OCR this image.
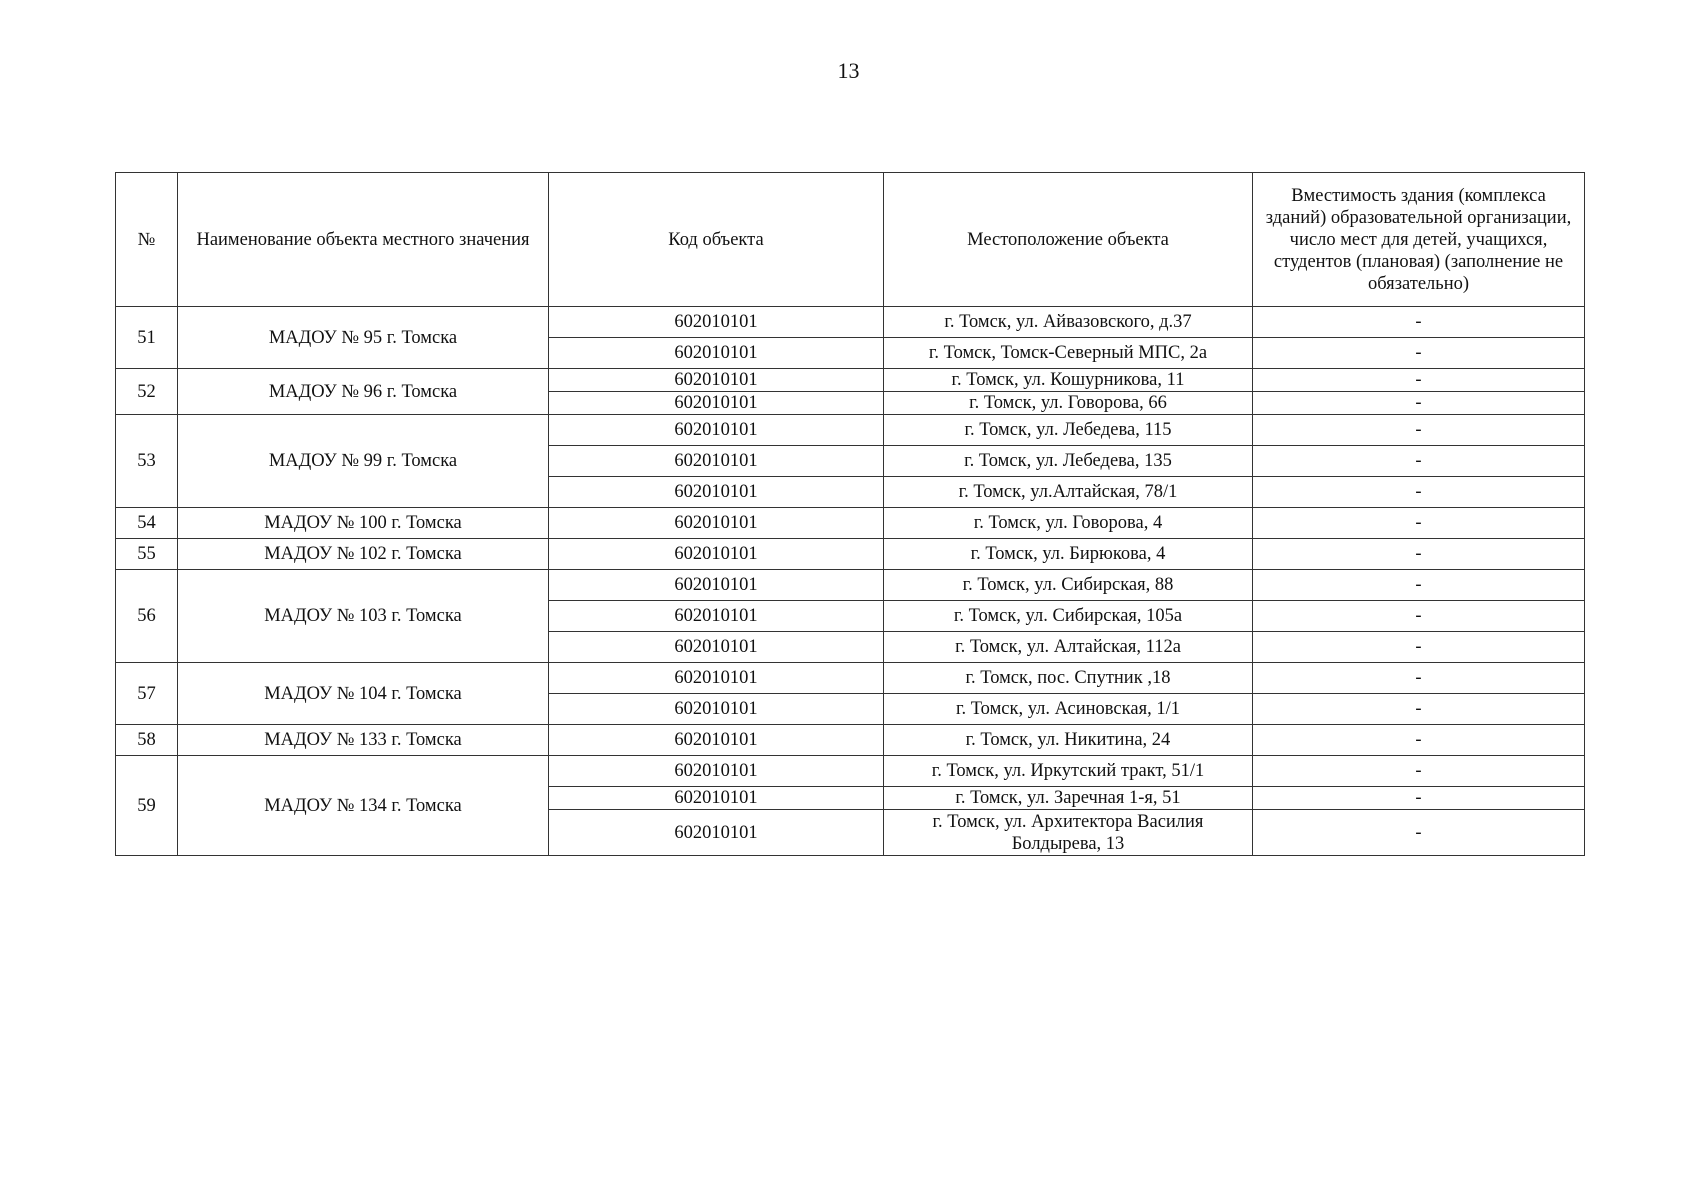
13
№	Наименование объекта местного значения	Код объекта	Местоположение объекта	Вместимость здания (комплекса зданий) образовательной организации, число мест для детей, учащихся, студентов (плановая) (заполнение не обязательно)
51	МАДОУ № 95 г. Томска	602010101	г. Томск, ул. Айвазовского, д.37	-
		602010101	г. Томск, Томск-Северный МПС, 2а	-
52	МАДОУ № 96 г. Томска	602010101	г. Томск, ул. Кошурникова, 11	-
		602010101	г. Томск, ул. Говорова, 66	-
53	МАДОУ № 99 г. Томска	602010101	г. Томск, ул. Лебедева, 115	-
		602010101	г. Томск, ул. Лебедева, 135	-
		602010101	г. Томск, ул.Алтайская, 78/1	-
54	МАДОУ № 100 г. Томска	602010101	г. Томск, ул. Говорова, 4	-
55	МАДОУ № 102 г. Томска	602010101	г. Томск, ул. Бирюкова, 4	-
56	МАДОУ № 103 г. Томска	602010101	г. Томск, ул. Сибирская, 88	-
		602010101	г. Томск, ул. Сибирская, 105а	-
		602010101	г. Томск, ул. Алтайская, 112а	-
57	МАДОУ № 104 г. Томска	602010101	г. Томск, пос. Спутник ,18	-
		602010101	г. Томск, ул. Асиновская, 1/1	-
58	МАДОУ № 133 г. Томска	602010101	г. Томск, ул. Никитина, 24	-
59	МАДОУ № 134 г. Томска	602010101	г. Томск, ул. Иркутский тракт, 51/1	-
		602010101	г. Томск, ул. Заречная 1-я, 51	-
		602010101	г. Томск, ул. Архитектора Василия Болдырева, 13	-
